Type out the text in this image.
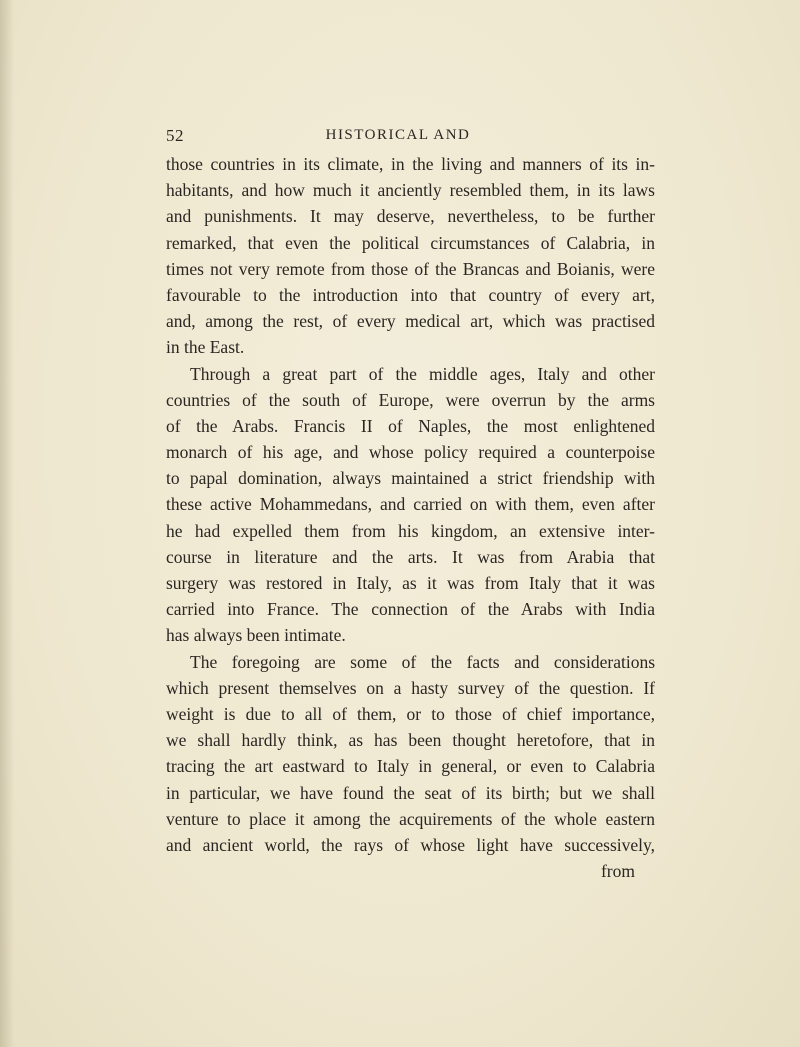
52	HISTORICAL AND
those countries in its climate, in the living and manners of its in-
habitants, and how much it anciently resembled them, in its laws
and punishments. It may deserve, nevertheless, to be further
remarked, that even the political circumstances of Calabria, in
times not very remote from those of the Brancas and Boianis, were
favourable to the introduction into that country of every art,
and, among the rest, of every medical art, which was practised
in the East.
Through a great part of the middle ages, Italy and other
countries of the south of Europe, were overrun by the arms
of the Arabs. Francis II of Naples, the most enlightened
monarch of his age, and whose policy required a counterpoise
to papal domination, always maintained a strict friendship with
these active Mohammedans, and carried on with them, even after
he had expelled them from his kingdom, an extensive inter-
course in literature and the arts. It was from Arabia that
surgery was restored in Italy, as it was from Italy that it was
carried into France. The connection of the Arabs with India
has always been intimate.
The foregoing are some of the facts and considerations
which present themselves on a hasty survey of the question. If
weight is due to all of them, or to those of chief importance,
we shall hardly think, as has been thought heretofore, that in
tracing the art eastward to Italy in general, or even to Calabria
in particular, we have found the seat of its birth; but we shall
venture to place it among the acquirements of the whole eastern
and ancient world, the rays of whose light have successively,
from
